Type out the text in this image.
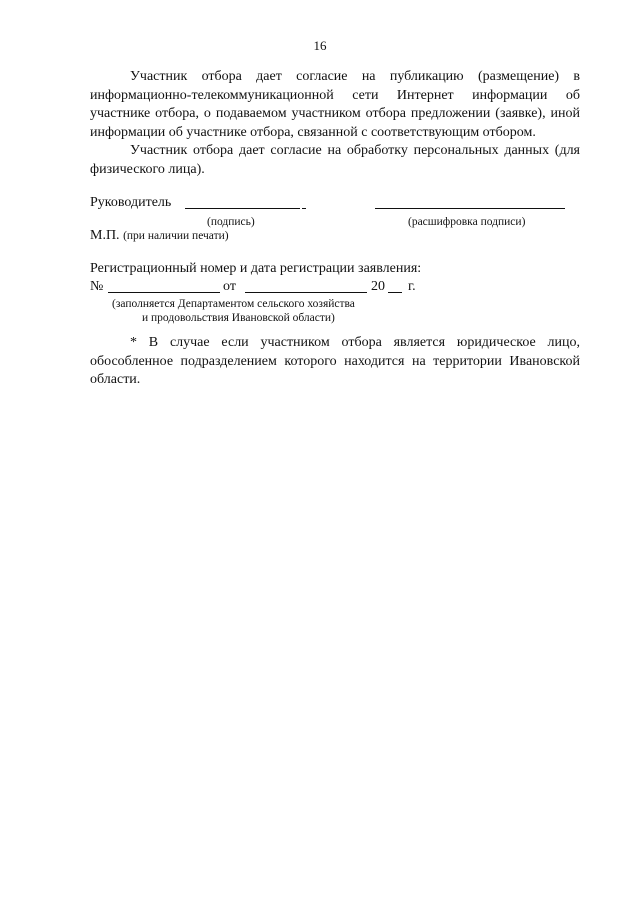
16

Участник отбора дает согласие на публикацию (размещение) в информационно-телекоммуникационной сети Интернет информации об участнике отбора, о подаваемом участником отбора предложении (заявке), иной информации об участнике отбора, связанной с соответствующим отбором.

Участник отбора дает согласие на обработку персональных данных (для физического лица).

Руководитель
(подпись)	(расшифровка подписи)
М.П. (при наличии печати)
Регистрационный номер и дата регистрации заявления:
№	от	20 г.
(заполняется Департаментом сельского хозяйства
и продовольствия Ивановской области)

* В случае если участником отбора является юридическое лицо, обособленное подразделением которого находится на территории Ивановской области.
